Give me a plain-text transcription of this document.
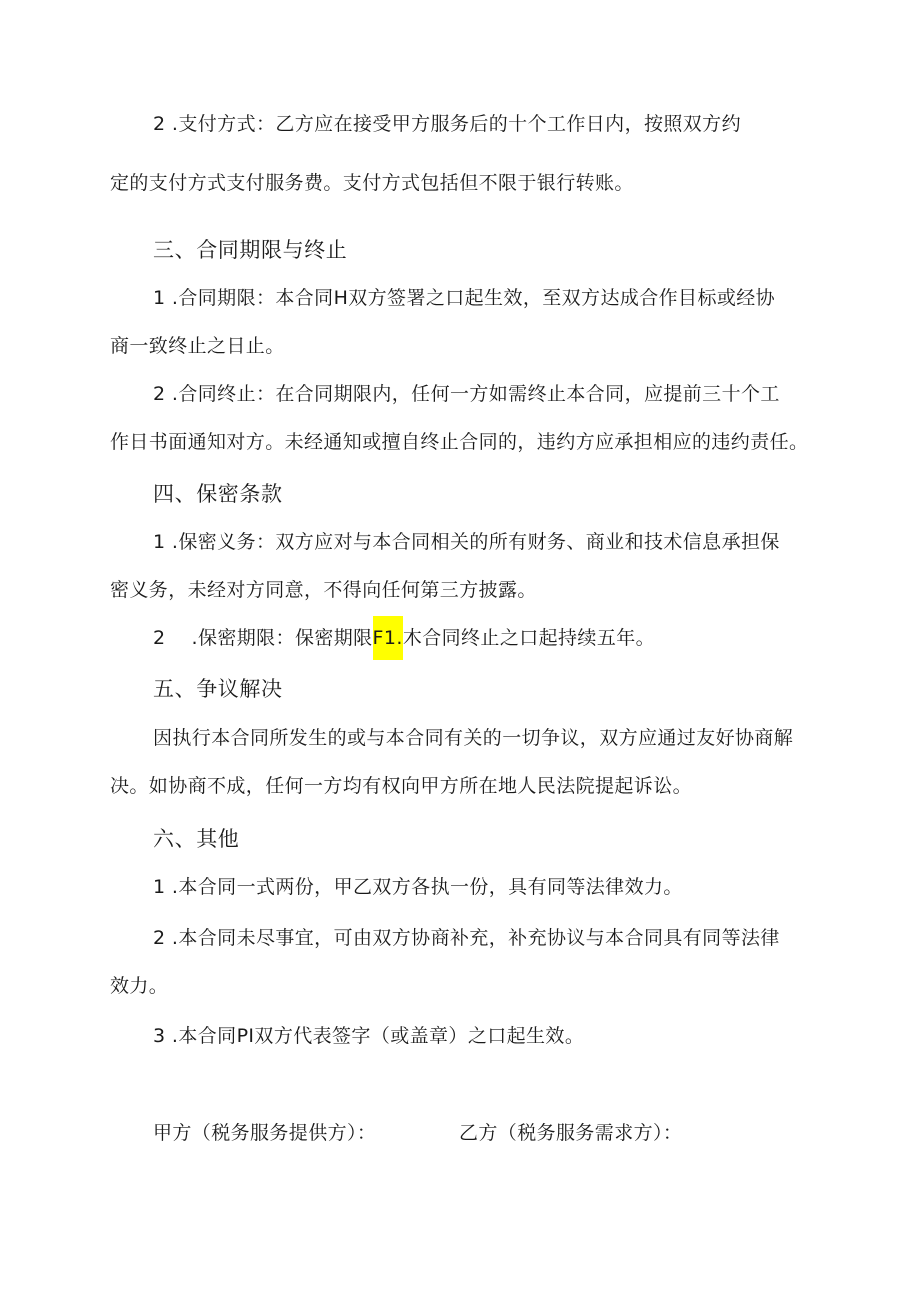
2 .支付方式：乙方应在接受甲方服务后的十个工作日内，按照双方约
定的支付方式支付服务费。支付方式包括但不限于银行转账。
三、合同期限与终止
1 .合同期限：本合同H双方签署之口起生效，至双方达成合作目标或经协
商一致终止之日止。
2 .合同终止：在合同期限内，任何一方如需终止本合同，应提前三十个工
作日书面通知对方。未经通知或擅自终止合同的，违约方应承担相应的违约责任。
四、保密条款
1 .保密义务：双方应对与本合同相关的所有财务、商业和技术信息承担保
密义务，未经对方同意，不得向任何第三方披露。
2 .保密期限：保密期限F1.木合同终止之口起持续五年。
五、争议解决
因执行本合同所发生的或与本合同有关的一切争议，双方应通过友好协商解
决。如协商不成，任何一方均有权向甲方所在地人民法院提起诉讼。
六、其他
1 .本合同一式两份，甲乙双方各执一份，具有同等法律效力。
2 .本合同未尽事宜，可由双方协商补充，补充协议与本合同具有同等法律
效力。
3 .本合同PI双方代表签字（或盖章）之口起生效。
甲方（税务服务提供方）：	乙方（税务服务需求方）：
